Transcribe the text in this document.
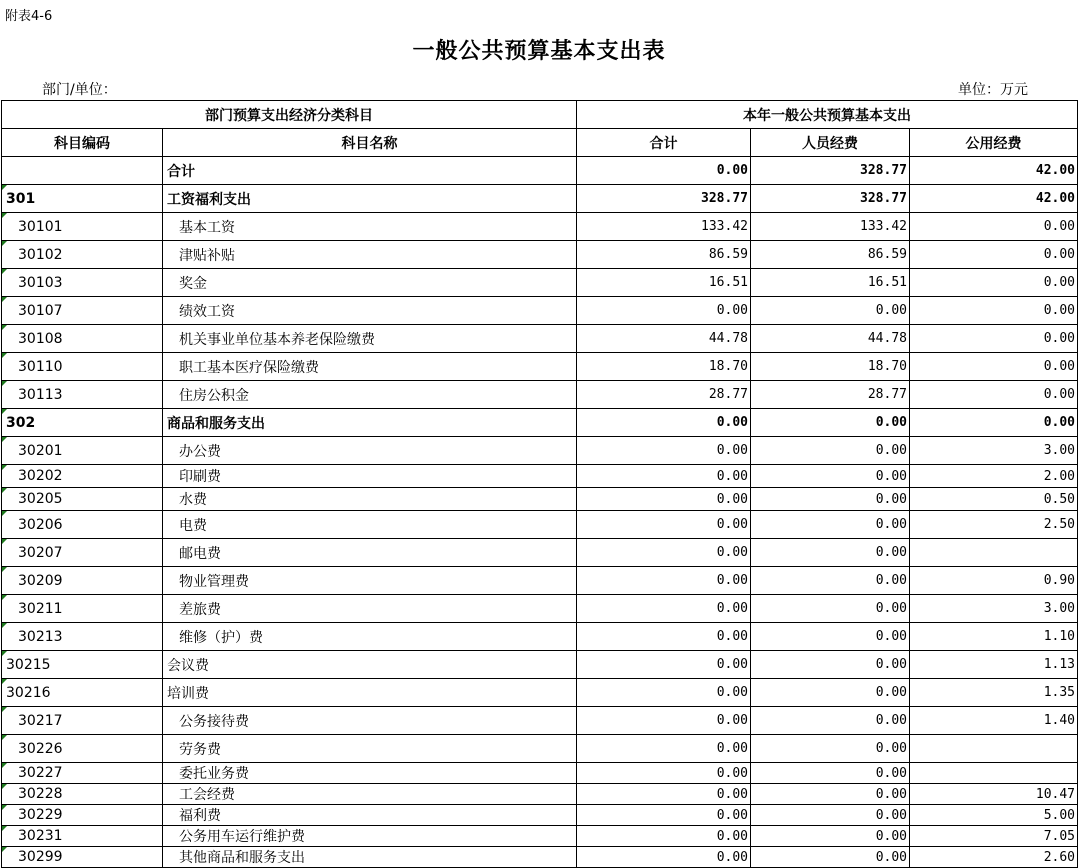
附表4-6
一般公共预算基本支出表
部门/单位：	单位：万元
部门预算支出经济分类科目		本年一般公共预算基本支出		
科目编码	科目名称	合计	人员经费	公用经费
	合计	0.00	328.77	42.00

301	工资福利支出	328.77	328.77	42.00

30101	基本工资	133.42	133.42	0.00

30102	津贴补贴	86.59	86.59	0.00

30103	奖金	16.51	16.51	0.00

30107	绩效工资	0.00	0.00	0.00

30108	机关事业单位基本养老保险缴费	44.78	44.78	0.00

30110	职工基本医疗保险缴费	18.70	18.70	0.00

30113	住房公积金	28.77	28.77	0.00

302	商品和服务支出	0.00	0.00	0.00

30201	办公费	0.00	0.00	3.00

30202	印刷费	0.00	0.00	2.00

30205	水费	0.00	0.00	0.50

30206	电费	0.00	0.00	2.50

30207	邮电费	0.00	0.00	

30209	物业管理费	0.00	0.00	0.90

30211	差旅费	0.00	0.00	3.00

30213	维修（护）费	0.00	0.00	1.10

30215	会议费	0.00	0.00	1.13

30216	培训费	0.00	0.00	1.35

30217	公务接待费	0.00	0.00	1.40

30226	劳务费	0.00	0.00	

30227	委托业务费	0.00	0.00	

30228	工会经费	0.00	0.00	10.47

30229	福利费	0.00	0.00	5.00

30231	公务用车运行维护费	0.00	0.00	7.05

30299	其他商品和服务支出	0.00	0.00	2.60
